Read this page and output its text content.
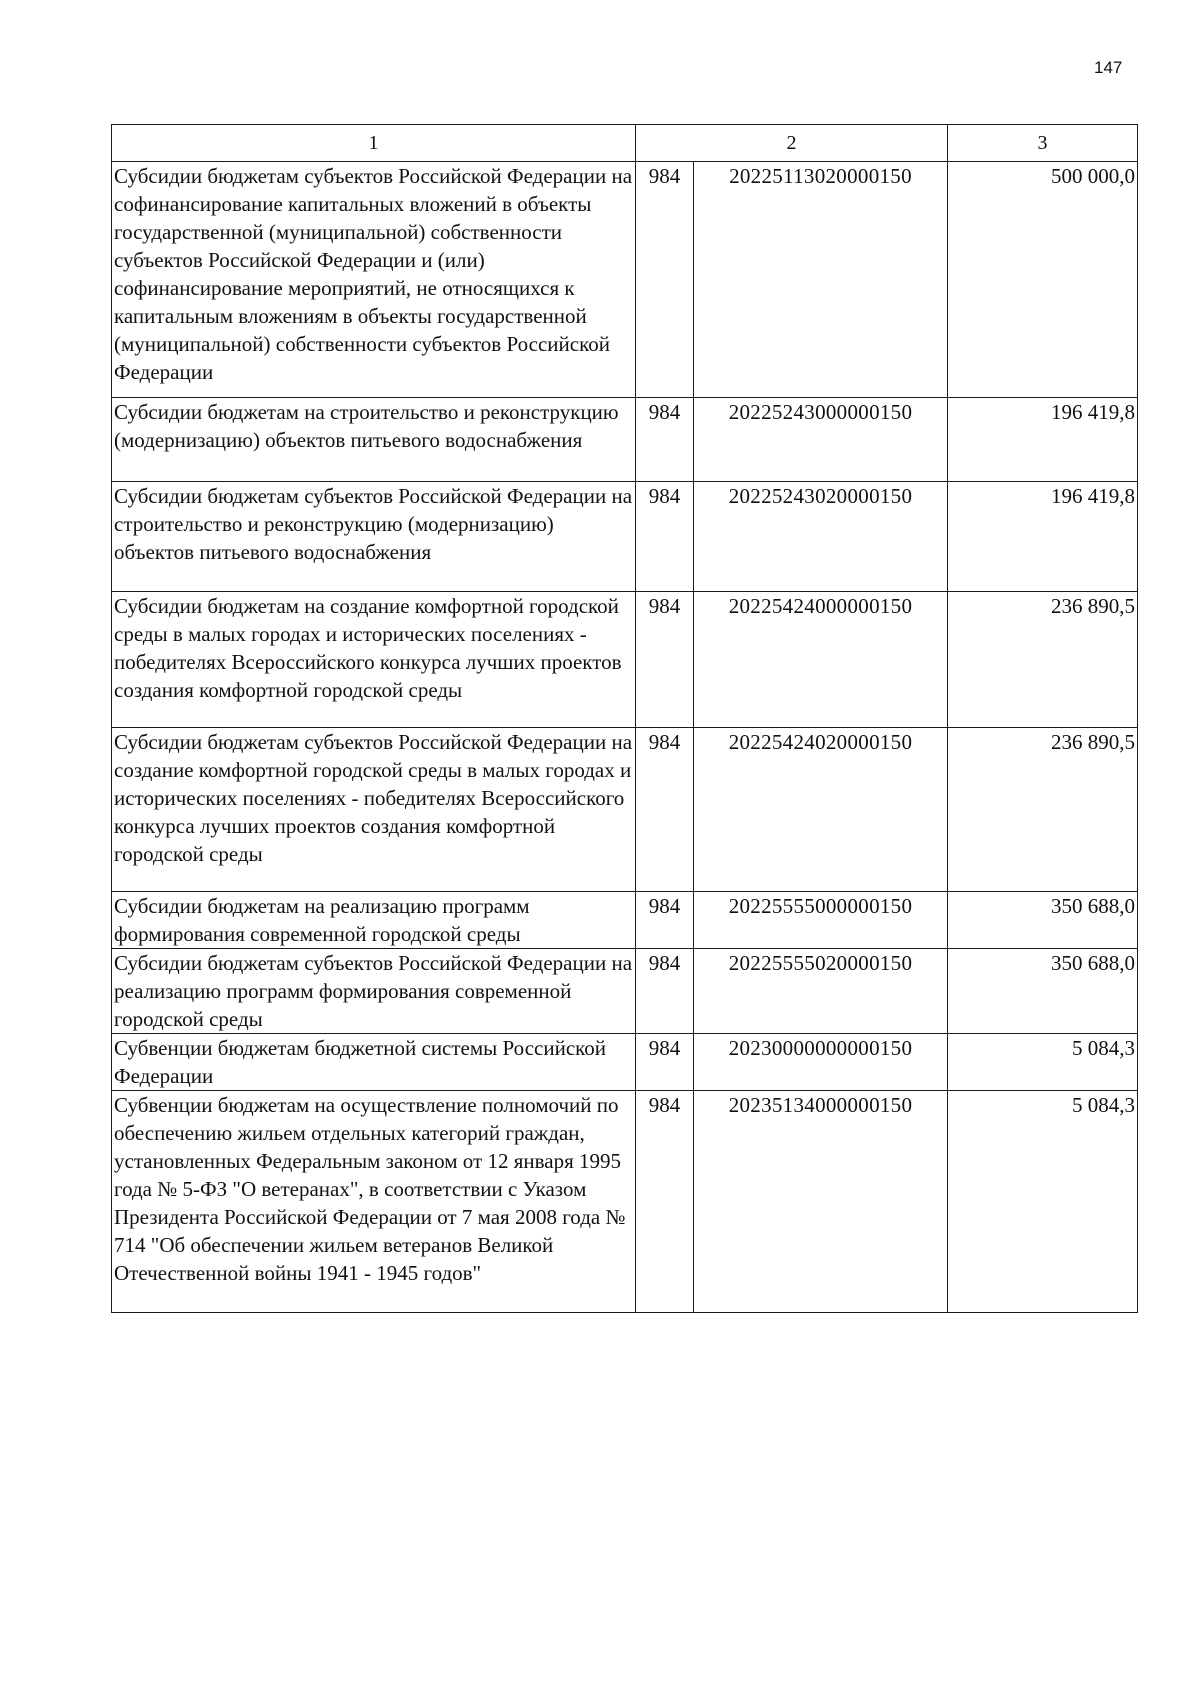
147
1	2		3
Субсидии бюджетам субъектов Российской Федерации на софинансирование капитальных вложений в объекты государственной (муниципальной) собственности субъектов Российской Федерации и (или) софинансирование мероприятий, не относящихся к капитальным вложениям в объекты государственной (муниципальной) собственности субъектов Российской Федерации	984	20225113020000150	500 000,0
Субсидии бюджетам на строительство и реконструкцию (модернизацию) объектов питьевого водоснабжения	984	20225243000000150	196 419,8
Субсидии бюджетам субъектов Российской Федерации на строительство и реконструкцию (модернизацию) объектов питьевого водоснабжения	984	20225243020000150	196 419,8
Субсидии бюджетам на создание комфортной городской среды в малых городах и исторических поселениях - победителях Всероссийского конкурса лучших проектов создания комфортной городской среды	984	20225424000000150	236 890,5
Субсидии бюджетам субъектов Российской Федерации на создание комфортной городской среды в малых городах и исторических поселениях - победителях Всероссийского конкурса лучших проектов создания комфортной городской среды	984	20225424020000150	236 890,5
Субсидии бюджетам на реализацию программ формирования современной городской среды	984	20225555000000150	350 688,0
Субсидии бюджетам субъектов Российской Федерации на реализацию программ формирования современной городской среды	984	20225555020000150	350 688,0
Субвенции бюджетам бюджетной системы Российской Федерации	984	20230000000000150	5 084,3
Субвенции бюджетам на осуществление полномочий по обеспечению жильем отдельных категорий граждан, установленных Федеральным законом от 12 января 1995 года № 5-ФЗ "О ветеранах", в соответствии с Указом Президента Российской Федерации от 7 мая 2008 года № 714 "Об обеспечении жильем ветеранов Великой Отечественной войны 1941 - 1945 годов"	984	20235134000000150	5 084,3
